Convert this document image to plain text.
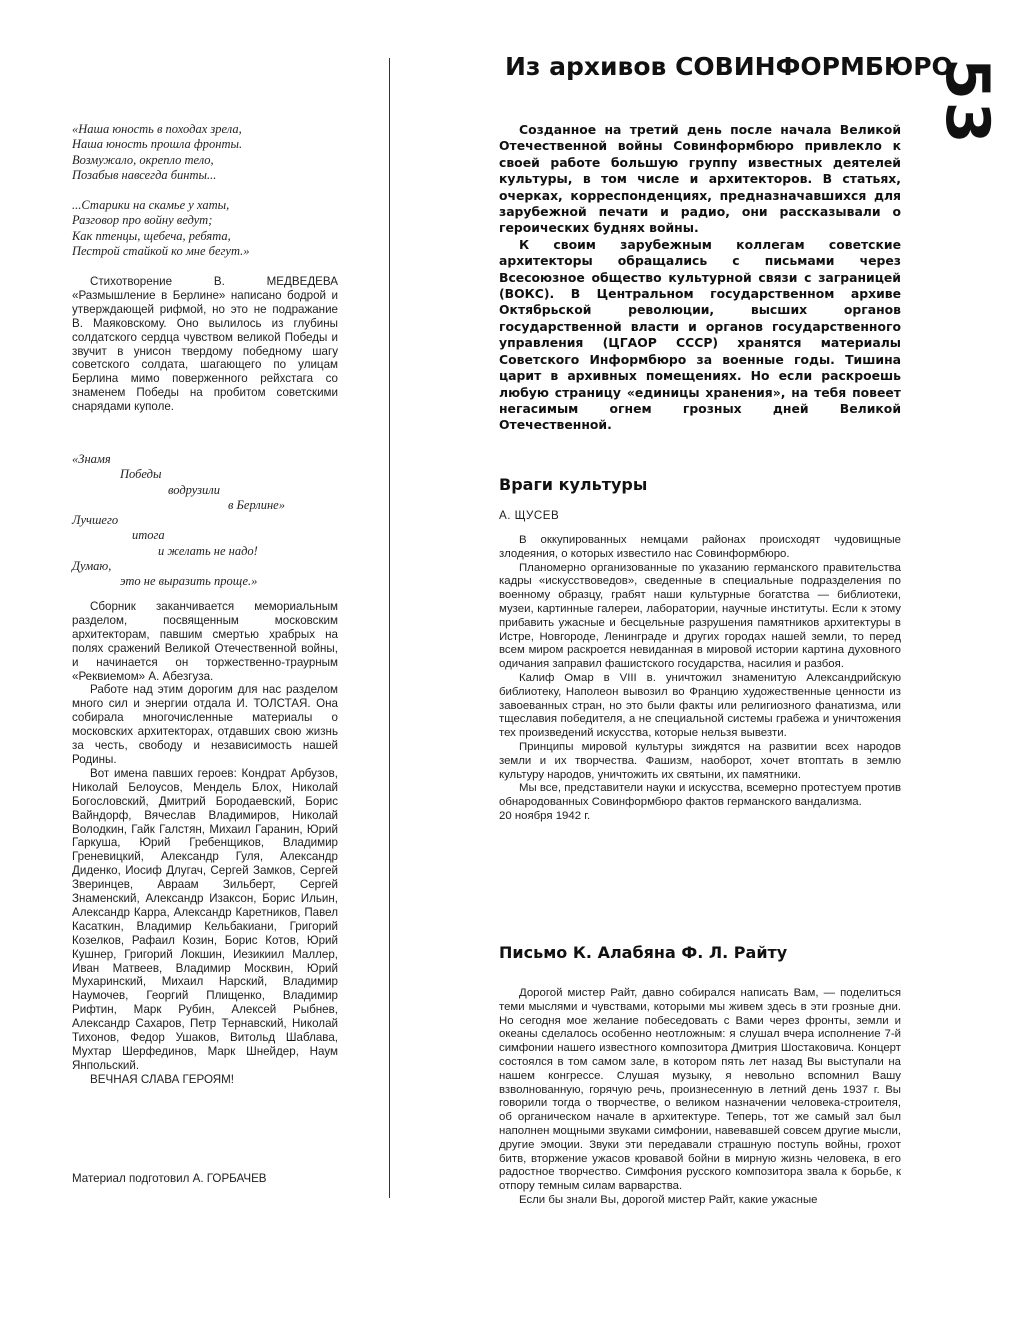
53
Из архивов СОВИНФОРМБЮРО
«Наша юность в походах зрела,
Наша юность прошла фронты.
Возмужало, окрепло тело,
Позабыв навсегда бинты...
...Старики на скамье у хаты,
Разговор про войну ведут;
Как птенцы, щебеча, ребята,
Пестрой стайкой ко мне бегут.»

Стихотворение В. МЕДВЕДЕВА «Размышление в Берлине» написано бодрой и утверждающей рифмой, но это не подражание В. Маяковскому. Оно вылилось из глубины солдатского сердца чувством великой Победы и звучит в унисон твердому победному шагу советского солдата, шагающего по улицам Берлина мимо поверженного рейхстага со знаменем Победы на пробитом советскими снарядами куполе.

«Знамя
Победы
водрузили
в Берлине»
Лучшего
итога
и желать не надо!
Думаю,
это не выразить проще.»

Сборник заканчивается мемориальным разделом, посвященным московским архитекторам, павшим смертью храбрых на полях сражений Великой Отечественной войны, и начинается он торжественно-траурным «Реквиемом» А. Абезгуза.

Работе над этим дорогим для нас разделом много сил и энергии отдала И. ТОЛСТАЯ. Она собирала многочисленные материалы о московских архитекторах, отдавших свою жизнь за честь, свободу и независимость нашей Родины.

Вот имена павших героев: Кондрат Арбузов, Николай Белоусов, Мендель Блох, Николай Богословский, Дмитрий Бородаевский, Борис Вайндорф, Вячеслав Владимиров, Николай Володкин, Гайк Галстян, Михаил Гаранин, Юрий Гаркуша, Юрий Гребенщиков, Владимир Греневицкий, Александр Гуля, Александр Диденко, Иосиф Длугач, Сергей Замков, Сергей Зверинцев, Авраам Зильберт, Сергей Знаменский, Александр Изаксон, Борис Ильин, Александр Карра, Александр Каретников, Павел Касаткин, Владимир Кельбакиани, Григорий Козелков, Рафаил Козин, Борис Котов, Юрий Кушнер, Григорий Локшин, Иезикиил Маллер, Иван Матвеев, Владимир Москвин, Юрий Мухаринский, Михаил Нарский, Владимир Наумочев, Георгий Плищенко, Владимир Рифтин, Марк Рубин, Алексей Рыбнев, Александр Сахаров, Петр Тернавский, Николай Тихонов, Федор Ушаков, Витольд Шаблава, Мухтар Шерфединов, Марк Шнейдер, Наум Янпольский.

ВЕЧНАЯ СЛАВА ГЕРОЯМ!

Материал подготовил А. ГОРБАЧЕВ

Созданное на третий день после начала Великой Отечественной войны Совинформбюро привлекло к своей работе большую группу известных деятелей культуры, в том числе и архитекторов. В статьях, очерках, корреспонденциях, предназначавшихся для зарубежной печати и радио, они рассказывали о героических буднях войны.

К своим зарубежным коллегам советские архитекторы обращались с письмами через Всесоюзное общество культурной связи с заграницей (ВОКС). В Центральном государственном архиве Октябрьской революции, высших органов государственной власти и органов государственного управления (ЦГАОР СССР) хранятся материалы Советского Информбюро за военные годы. Тишина царит в архивных помещениях. Но если раскроешь любую страницу «единицы хранения», на тебя повеет негасимым огнем грозных дней Великой Отечественной.

Враги культуры
А. ЩУСЕВ

В оккупированных немцами районах происходят чудовищные злодеяния, о которых известило нас Совинформбюро.

Планомерно организованные по указанию германского правительства кадры «искусствоведов», сведенные в специальные подразделения по военному образцу, грабят наши культурные богатства — библиотеки, музеи, картинные галереи, лаборатории, научные институты. Если к этому прибавить ужасные и бесцельные разрушения памятников архитектуры в Истре, Новгороде, Ленинграде и других городах нашей земли, то перед всем миром раскроется невиданная в мировой истории картина духовного одичания заправил фашистского государства, насилия и разбоя.

Калиф Омар в VIII в. уничтожил знаменитую Александрийскую библиотеку, Наполеон вывозил во Францию художественные ценности из завоеванных стран, но это были факты или религиозного фанатизма, или тщеславия победителя, а не специальной системы грабежа и уничтожения тех произведений искусства, которые нельзя вывезти.

Принципы мировой культуры зиждятся на развитии всех народов земли и их творчества. Фашизм, наоборот, хочет втоптать в землю культуру народов, уничтожить их святыни, их памятники.

Мы все, представители науки и искусства, всемерно протестуем против обнародованных Совинформбюро фактов германского вандализма.

20 ноября 1942 г.

Письмо К. Алабяна Ф. Л. Райту

Дорогой мистер Райт, давно собирался написать Вам, — поделиться теми мыслями и чувствами, которыми мы живем здесь в эти грозные дни. Но сегодня мое желание побеседовать с Вами через фронты, земли и океаны сделалось особенно неотложным: я слушал вчера исполнение 7-й симфонии нашего известного композитора Дмитрия Шостаковича. Концерт состоялся в том самом зале, в котором пять лет назад Вы выступали на нашем конгрессе. Слушая музыку, я невольно вспомнил Вашу взволнованную, горячую речь, произнесенную в летний день 1937 г. Вы говорили тогда о творчестве, о великом назначении человека-строителя, об органическом начале в архитектуре. Теперь, тот же самый зал был наполнен мощными звуками симфонии, навевавшей совсем другие мысли, другие эмоции. Звуки эти передавали страшную поступь войны, грохот битв, вторжение ужасов кровавой бойни в мирную жизнь человека, в его радостное творчество. Симфония русского композитора звала к борьбе, к отпору темным силам варварства.

Если бы знали Вы, дорогой мистер Райт, какие ужасные
